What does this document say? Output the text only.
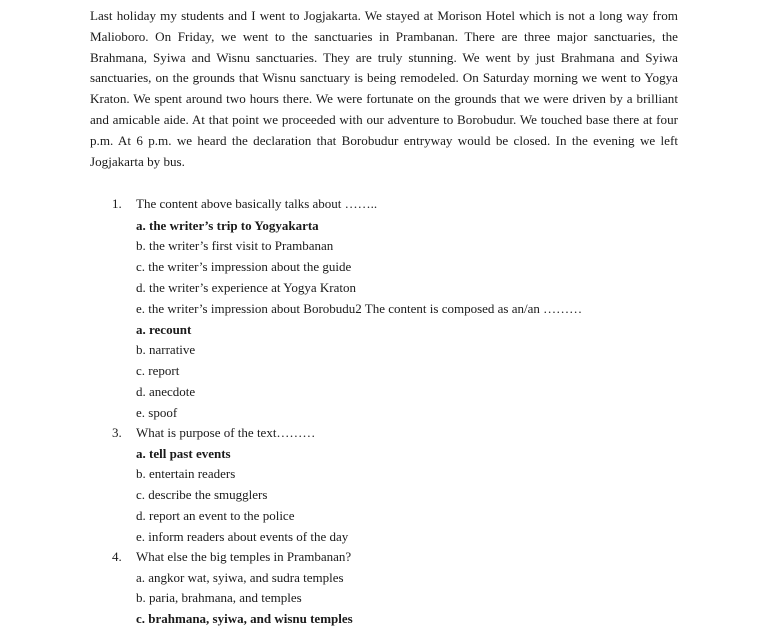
Last holiday my students and I went to Jogjakarta. We stayed at Morison Hotel which is not a long way from Malioboro. On Friday, we went to the sanctuaries in Prambanan. There are three major sanctuaries, the Brahmana, Syiwa and Wisnu sanctuaries. They are truly stunning. We went by just Brahmana and Syiwa sanctuaries, on the grounds that Wisnu sanctuary is being remodeled. On Saturday morning we went to Yogya Kraton. We spent around two hours there. We were fortunate on the grounds that we were driven by a brilliant and amicable aide. At that point we proceeded with our adventure to Borobudur. We touched base there at four p.m. At 6 p.m. we heard the declaration that Borobudur entryway would be closed. In the evening we left Jogjakarta by bus.

1. The content above basically talks about ……..
a. the writer’s trip to Yogyakarta
b. the writer’s first visit to Prambanan
c. the writer’s impression about the guide
d. the writer’s experience at Yogya Kraton
e. the writer’s impression about Borobudu2 The content is composed as an/an ………
a. recount
b. narrative
c. report
d. anecdote
e. spoof
3. What is purpose of the text………
a. tell past events
b. entertain readers
c. describe the smugglers
d. report an event to the police
e. inform readers about events of the day
4. What else the big temples in Prambanan?
a. angkor wat, syiwa, and sudra temples
b. paria, brahmana, and temples
c. brahmana, syiwa, and wisnu temples
